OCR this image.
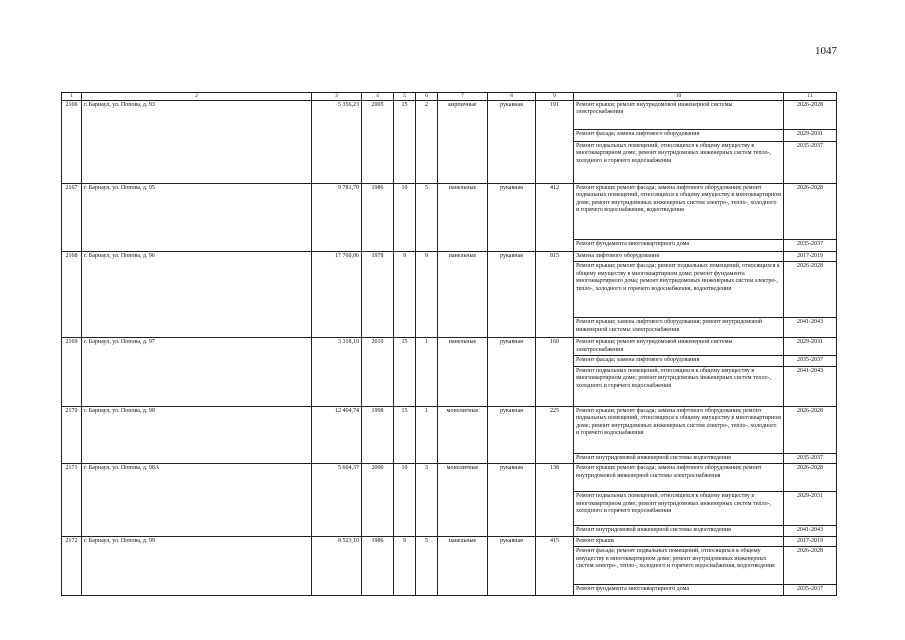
1047
1	2	3	4	5	6	7	8	9	10	11
2166	г. Барнаул, ул. Попова, д. 93	5 356,23	2005	15	2	кирпичные	рукавная	191	Ремонт крыши; ремонт внутридомовой инженерной системы электроснабжения	2026-2028
									Ремонт фасада; замена лифтового оборудования	2029-2031
									Ремонт подвальных помещений, относящихся к общему имуществу в многоквартирном доме; ремонт внутридомовых инженерных систем тепло-, холодного и горячего водоснабжения	2035-2037
2167	г. Барнаул, ул. Попова, д. 95	9 781,70	1986	10	5	панельные	рукавная	412	Ремонт крыши; ремонт фасада; замена лифтового оборудования; ремонт подвальных помещений, относящихся к общему имуществу в многоквартирном доме; ремонт внутридомовых инженерных систем электро-, тепло-, холодного и горячего водоснабжения, водоотведения	2026-2028
									Ремонт фундамента многоквартирного дома	2035-2037
2168	г. Барнаул, ул. Попова, д. 96	17 760,06	1978	9	9	панельные	рукавная	815	Замена лифтового оборудования	2017-2019
									Ремонт крыши; ремонт фасада; ремонт подвальных помещений, относящихся к общему имуществу в многоквартирном доме; ремонт фундамента многоквартирного дома; ремонт внутридомовых инженерных систем электро-, тепло-, холодного и горячего водоснабжения, водоотведения	2026-2028
									Ремонт крыши; замена лифтового оборудования; ремонт внутридомовой инженерной системы электроснабжения	2041-2043
2169	г. Барнаул, ул. Попова, д. 97	3 318,10	2010	15	1	панельные	рукавная	160	Ремонт крыши; ремонт внутридомовой инженерной системы электроснабжения	2029-2031
									Ремонт фасада; замена лифтового оборудования	2035-2037
									Ремонт подвальных помещений, относящихся к общему имуществу в многоквартирном доме; ремонт внутридомовых инженерных систем тепло-, холодного и горячего водоснабжения	2041-2043
2170	г. Барнаул, ул. Попова, д. 98	12 404,74	1998	15	1	монолитные	рукавная	225	Ремонт крыши; ремонт фасада; замена лифтового оборудования; ремонт подвальных помещений, относящихся к общему имуществу в многоквартирном доме; ремонт внутридомовых инженерных систем электро-, тепло-, холодного и горячего водоснабжения	2026-2028
									Ремонт внутридомовой инженерной системы водоотведения	2035-2037
2171	г. Барнаул, ул. Попова, д. 98А	5 664,37	2000	10	3	монолитные	рукавная	138	Ремонт крыши; ремонт фасада; замена лифтового оборудования; ремонт внутридомовой инженерной системы электроснабжения	2026-2028
									Ремонт подвальных помещений, относящихся к общему имуществу в многоквартирном доме; ремонт внутридомовых инженерных систем тепло-, холодного и горячего водоснабжения	2029-2031
									Ремонт внутридомовой инженерной системы водоотведения	2041-2043
2172	г. Барнаул, ул. Попова, д. 99	8 523,10	1986	9	5	панельные	рукавная	415	Ремонт крыши	2017-2019
									Ремонт фасада; ремонт подвальных помещений, относящихся к общему имуществу в многоквартирном доме; ремонт внутридомовых инженерных систем электро-, тепло-, холодного и горячего водоснабжения, водоотведения	2026-2028
									Ремонт фундамента многоквартирного дома	2035-2037
